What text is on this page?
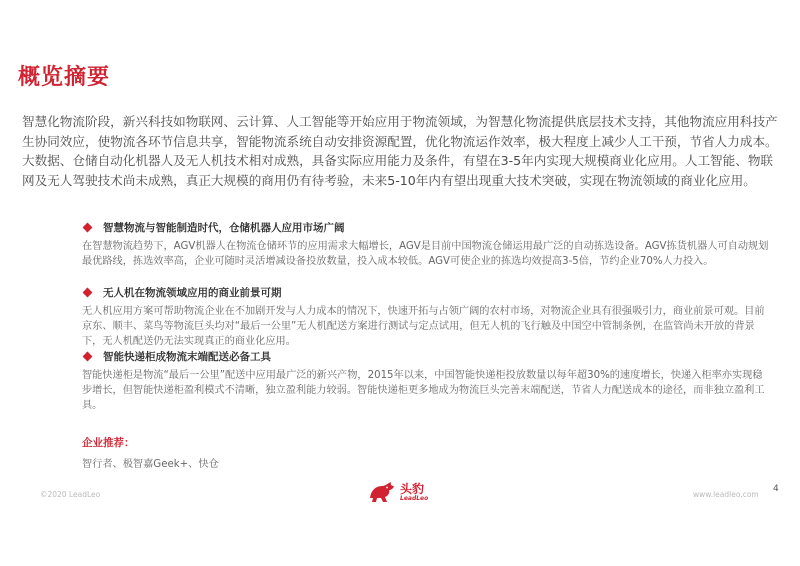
概览摘要
智慧化物流阶段，新兴科技如物联网、云计算、人工智能等开始应用于物流领域，为智慧化物流提供底层技术支持，其他物流应用科技产生协同效应，使物流各环节信息共享，智能物流系统自动安排资源配置，优化物流运作效率，极大程度上减少人工干预，节省人力成本。大数据、仓储自动化机器人及无人机技术相对成熟，具备实际应用能力及条件，有望在3-5年内实现大规模商业化应用。人工智能、物联网及无人驾驶技术尚未成熟，真正大规模的商用仍有待考验，未来5-10年内有望出现重大技术突破，实现在物流领域的商业化应用。
智慧物流与智能制造时代，仓储机器人应用市场广阔
在智慧物流趋势下，AGV机器人在物流仓储环节的应用需求大幅增长，AGV是目前中国物流仓储运用最广泛的自动拣选设备。AGV拣货机器人可自动规划最优路线，拣选效率高，企业可随时灵活增减设备投放数量，投入成本较低。AGV可使企业的拣选均效提高3-5倍，节约企业70%人力投入。
无人机在物流领域应用的商业前景可期
无人机应用方案可帮助物流企业在不加剧开发与人力成本的情况下，快速开拓与占领广阔的农村市场，对物流企业具有很强吸引力，商业前景可观。目前京东、顺丰、菜鸟等物流巨头均对“最后一公里”无人机配送方案进行测试与定点试用，但无人机的飞行触及中国空中管制条例，在监管尚未开放的背景下，无人机配送仍无法实现真正的商业化应用。
智能快递柜成物流末端配送必备工具
智能快递柜是物流“最后一公里”配送中应用最广泛的新兴产物，2015年以来，中国智能快递柜投放数量以每年超30%的速度增长，快递入柜率亦实现稳步增长，但智能快递柜盈利模式不清晰，独立盈利能力较弱。智能快递柜更多地成为物流巨头完善末端配送，节省人力配送成本的途径，而非独立盈利工具。
企业推荐：
智行者、极智嘉Geek+、快仓
©2020 LeadLeo	头豹
LeadLeo	www.leadleo.com
4
